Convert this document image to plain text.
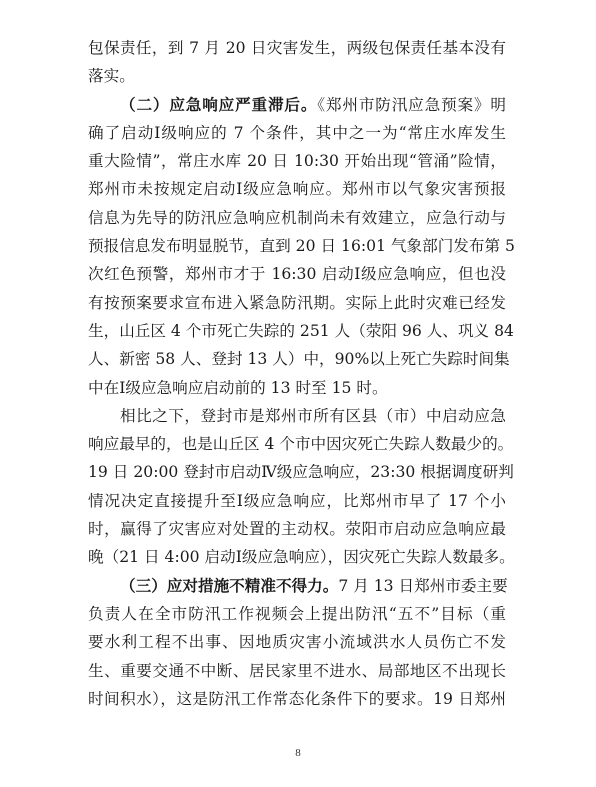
包保责任，到 7 月 20 日灾害发生，两级包保责任基本没有
落实。
（二）应急响应严重滞后。《郑州市防汛应急预案》明
确了启动Ⅰ级响应的 7 个条件，其中之一为“常庄水库发生
重大险情”，常庄水库 20 日 10:30 开始出现“管涌”险情，
郑州市未按规定启动Ⅰ级应急响应。郑州市以气象灾害预报
信息为先导的防汛应急响应机制尚未有效建立，应急行动与
预报信息发布明显脱节，直到 20 日 16:01 气象部门发布第 5
次红色预警，郑州市才于 16:30 启动Ⅰ级应急响应，但也没
有按预案要求宣布进入紧急防汛期。实际上此时灾难已经发
生，山丘区 4 个市死亡失踪的 251 人（荥阳 96 人、巩义 84
人、新密 58 人、登封 13 人）中，90%以上死亡失踪时间集
中在Ⅰ级应急响应启动前的 13 时至 15 时。
相比之下，登封市是郑州市所有区县（市）中启动应急
响应最早的，也是山丘区 4 个市中因灾死亡失踪人数最少的。
19 日 20:00 登封市启动Ⅳ级应急响应，23:30 根据调度研判
情况决定直接提升至Ⅰ级应急响应，比郑州市早了 17 个小
时，赢得了灾害应对处置的主动权。荥阳市启动应急响应最
晚（21 日 4:00 启动Ⅰ级应急响应），因灾死亡失踪人数最多。
（三）应对措施不精准不得力。7 月 13 日郑州市委主要
负责人在全市防汛工作视频会上提出防汛“五不”目标（重
要水利工程不出事、因地质灾害小流域洪水人员伤亡不发
生、重要交通不中断、居民家里不进水、局部地区不出现长
时间积水），这是防汛工作常态化条件下的要求。19 日郑州
8
